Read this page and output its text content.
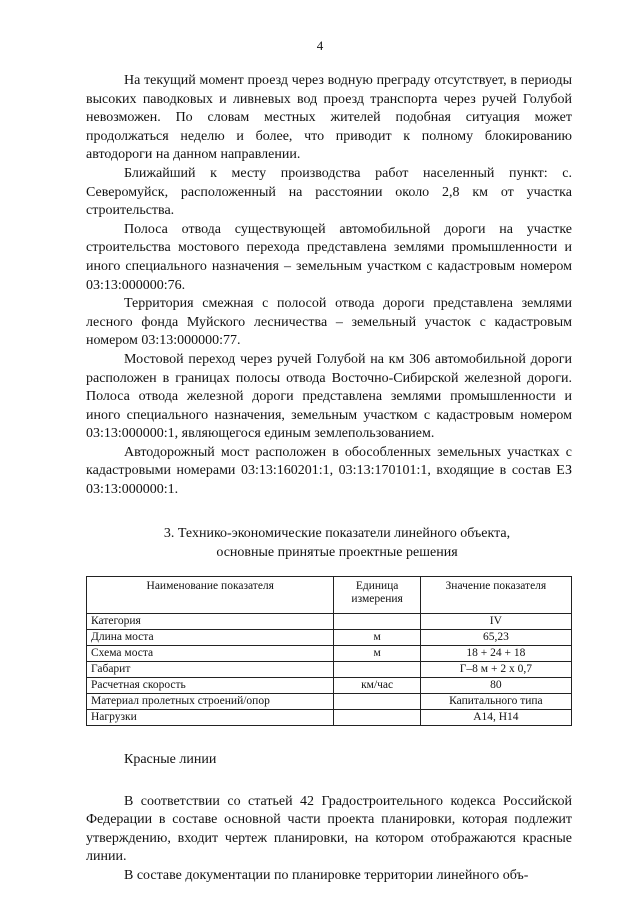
4

На текущий момент проезд через водную преграду отсутствует, в периоды высоких паводковых и ливневых вод проезд транспорта через ручей Голубой невозможен. По словам местных жителей подобная ситуация может продолжаться неделю и более, что приводит к полному блокированию автодороги на данном направлении.

Ближайший к месту производства работ населенный пункт: с. Северомуйск, расположенный на расстоянии около 2,8 км от участка строительства.

Полоса отвода существующей автомобильной дороги на участке строительства мостового перехода представлена землями промышленности и иного специального назначения – земельным участком с кадастровым номером 03:13:000000:76.

Территория смежная с полосой отвода дороги представлена землями лесного фонда Муйского лесничества – земельный участок с кадастровым номером 03:13:000000:77.

Мостовой переход через ручей Голубой на км 306 автомобильной дороги расположен в границах полосы отвода Восточно-Сибирской железной дороги. Полоса отвода железной дороги представлена землями промышленности и иного специального назначения, земельным участком с кадастровым номером 03:13:000000:1, являющегося единым землепользованием.

Автодорожный мост расположен в обособленных земельных участках с кадастровыми номерами 03:13:160201:1, 03:13:170101:1, входящие в состав ЕЗ 03:13:000000:1.

3. Технико-экономические показатели линейного объекта,
основные принятые проектные решения
Наименование показателя	Единица измерения	Значение показателя
Категория		IV
Длина моста	м	65,23
Схема моста	м	18 + 24 + 18
Габарит		Г–8 м + 2 х 0,7
Расчетная скорость	км/час	80
Материал пролетных строений/опор		Капитального типа
Нагрузки		А14, Н14
Красные линии

В соответствии со статьей 42 Градостроительного кодекса Российской Федерации в составе основной части проекта планировки, которая подлежит утверждению, входит чертеж планировки, на котором отображаются красные линии.

В составе документации по планировке территории линейного объ-
